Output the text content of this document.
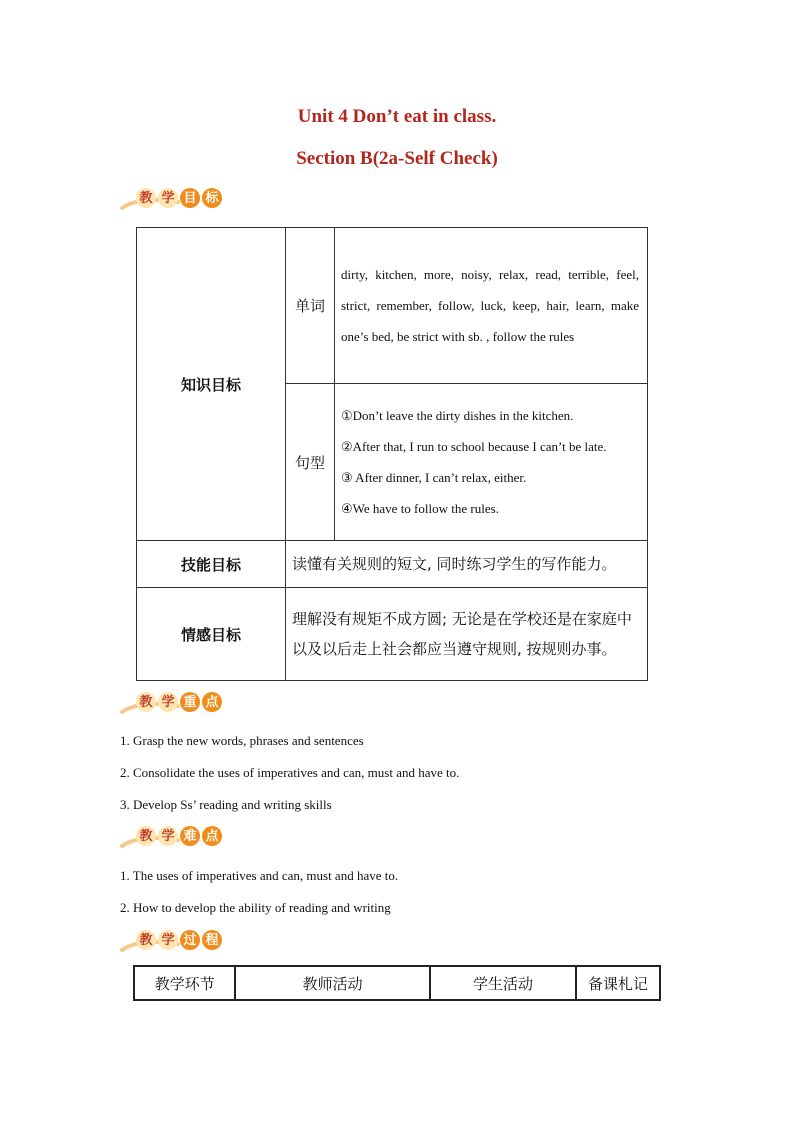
Unit 4 Don’t eat in class.
Section B(2a-Self Check)
教 学 目 标
知识目标	单词	dirty, kitchen, more, noisy, relax, read, terrible, feel, strict, remember, follow, luck, keep, hair, learn, make one’s bed, be strict with sb. , follow the rules
	句型	①Don’t leave the dirty dishes in the kitchen.
②After that, I run to school because I can’t be late.
③ After dinner, I can’t relax, either.
④We have to follow the rules.

技能目标	读懂有关规则的短文, 同时练习学生的写作能力。	
情感目标	理解没有规矩不成方圆; 无论是在学校还是在家庭中以及以后走上社会都应当遵守规则, 按规则办事。	
教 学 重 点
1. Grasp the new words, phrases and sentences
2. Consolidate the uses of imperatives and can, must and have to.
3. Develop Ss’ reading and writing skills
教 学 难 点
1. The uses of imperatives and can, must and have to.
2. How to develop the ability of reading and writing
教 学 过 程
教学环节	教师活动	学生活动	备课札记
